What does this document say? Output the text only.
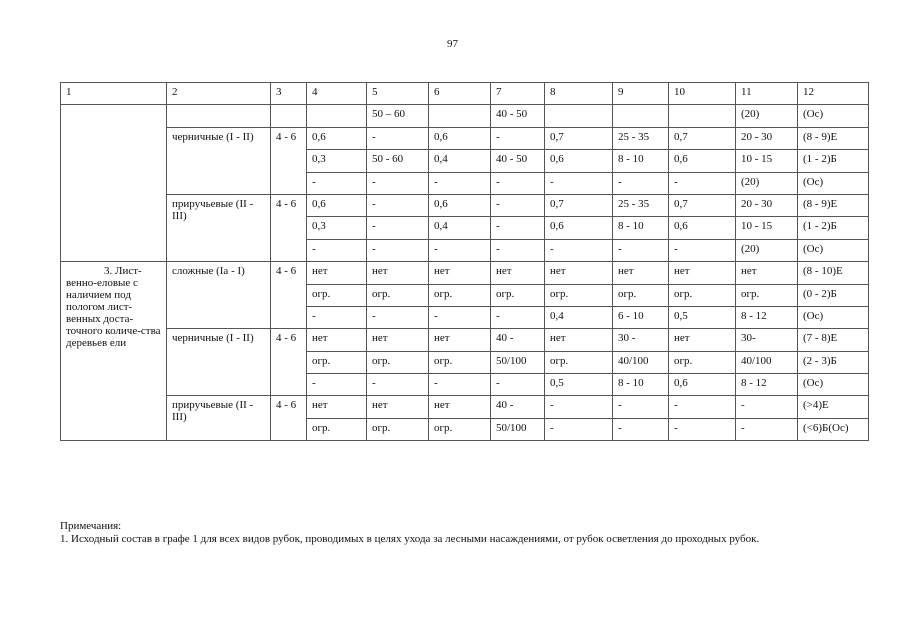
97
1	2	3	4	5	6	7	8	9	10	11	12
				50 – 60		40 - 50				(20)	(Ос)
	черничные (I - II)	4 - 6	0,6	-	0,6	-	0,7	25 - 35	0,7	20 - 30	(8 - 9)Е
			0,3	50 - 60	0,4	40 - 50	0,6	8 - 10	0,6	10 - 15	(1 - 2)Б
			-	-	-	-	-	-	-	(20)	(Ос)
	приручьевые (II - III)	4 - 6	0,6	-	0,6	-	0,7	25 - 35	0,7	20 - 30	(8 - 9)Е
			0,3	-	0,4	-	0,6	8 - 10	0,6	10 - 15	(1 - 2)Б
			-	-	-	-	-	-	-	(20)	(Ос)
3. Лист-венно-еловые с наличием под пологом лист-венных доста-точного количе-ства деревьев ели	сложные (Iа - I)	4 - 6	нет	нет	нет	нет	нет	нет	нет	нет	(8 - 10)Е
			огр.	огр.	огр.	огр.	огр.	огр.	огр.	огр.	(0 - 2)Б
			-	-	-	-	0,4	6 - 10	0,5	8 - 12	(Ос)
	черничные (I - II)	4 - 6	нет	нет	нет	40 -	нет	30 -	нет	30-	(7 - 8)Е
			огр.	огр.	огр.	50/100	огр.	40/100	огр.	40/100	(2 - 3)Б
			-	-	-	-	0,5	8 - 10	0,6	8 - 12	(Ос)
	приручьевые (II - III)	4 - 6	нет	нет	нет	40 -	-	-	-	-	(>4)Е
			огр.	огр.	огр.	50/100	-	-	-	-	(<6)Б(Ос)
Примечания:
1. Исходный состав в графе 1 для всех видов рубок, проводимых в целях ухода за лесными насаждениями, от рубок осветления до проходных рубок.
